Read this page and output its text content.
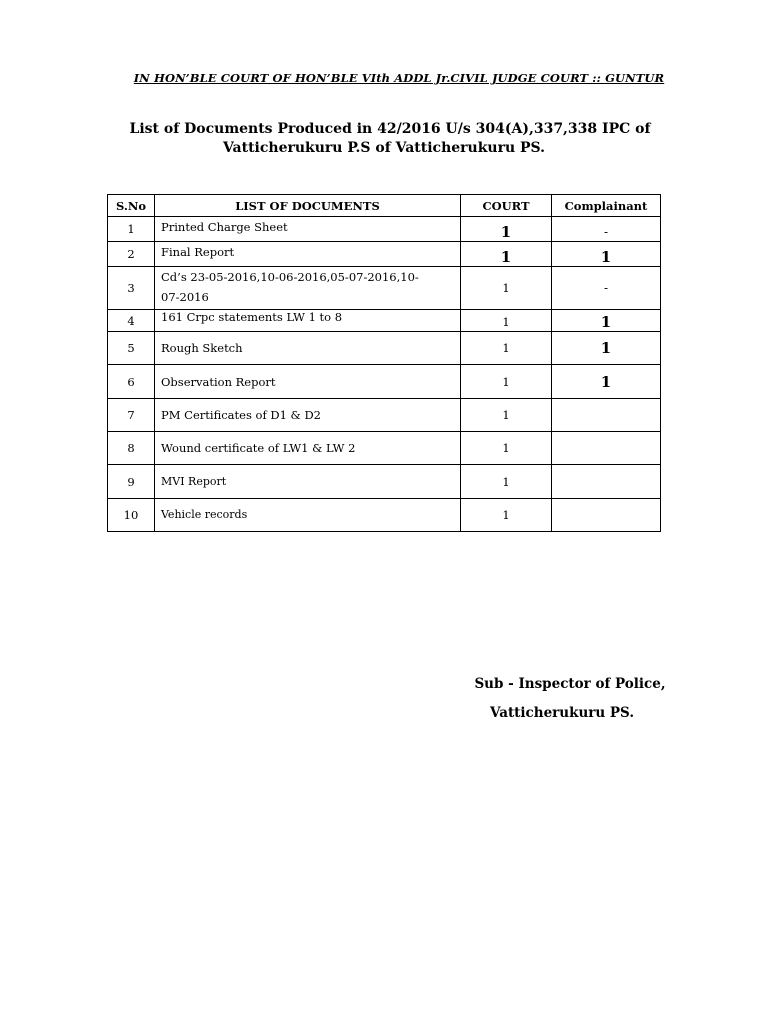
IN HON’BLE COURT OF HON’BLE VIth ADDL Jr.CIVIL JUDGE COURT :: GUNTUR
List of Documents Produced in 42/2016 U/s 304(A),337,338 IPC of
Vatticherukuru P.S of Vatticherukuru PS.
S.No	LIST OF DOCUMENTS	COURT	Complainant
1	Printed Charge Sheet	1	-
2	Final Report	1	1
3	Cd’s 23-05-2016,10-06-2016,05-07-2016,10-07-2016	1	-
4	161 Crpc statements LW 1 to 8	1	1
5	Rough Sketch	1	1
6	Observation Report	1	1
7	PM Certificates of D1 & D2	1	
8	Wound certificate of LW1 & LW 2	1	
9	MVI Report	1	
10	Vehicle records	1	
Sub - Inspector of Police,
Vatticherukuru PS.
